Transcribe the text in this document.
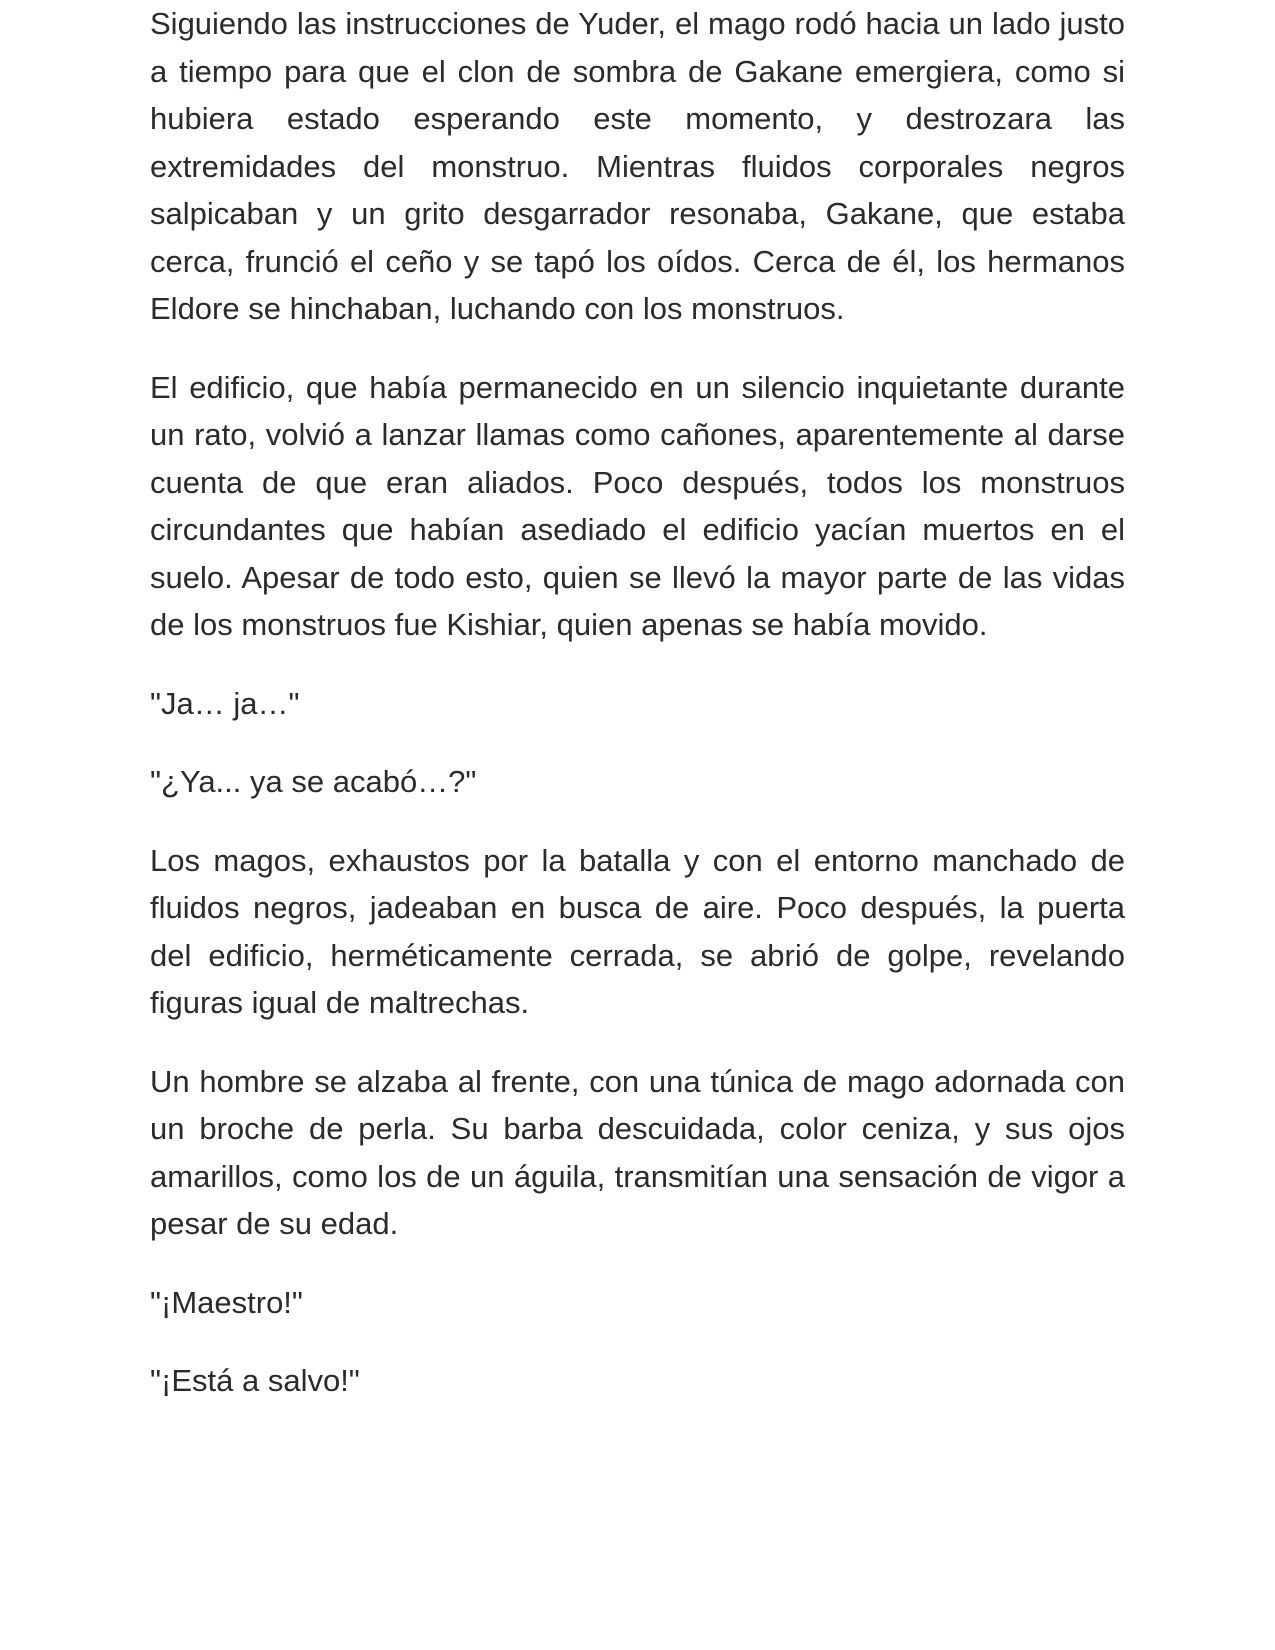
Siguiendo las instrucciones de Yuder, el mago rodó hacia un lado justo a tiempo para que el clon de sombra de Gakane emergiera, como si hubiera estado esperando este momento, y destrozara las extremidades del monstruo. Mientras fluidos corporales negros salpicaban y un grito desgarrador resonaba, Gakane, que estaba cerca, frunció el ceño y se tapó los oídos. Cerca de él, los hermanos Eldore se hinchaban, luchando con los monstruos.

El edificio, que había permanecido en un silencio inquietante durante un rato, volvió a lanzar llamas como cañones, aparentemente al darse cuenta de que eran aliados. Poco después, todos los monstruos circundantes que habían asediado el edificio yacían muertos en el suelo. Apesar de todo esto, quien se llevó la mayor parte de las vidas de los monstruos fue Kishiar, quien apenas se había movido.

"Ja… ja…"

"¿Ya... ya se acabó…?"

Los magos, exhaustos por la batalla y con el entorno manchado de fluidos negros, jadeaban en busca de aire. Poco después, la puerta del edificio, herméticamente cerrada, se abrió de golpe, revelando figuras igual de maltrechas.

Un hombre se alzaba al frente, con una túnica de mago adornada con un broche de perla. Su barba descuidada, color ceniza, y sus ojos amarillos, como los de un águila, transmitían una sensación de vigor a pesar de su edad.

"¡Maestro!"

"¡Está a salvo!"
